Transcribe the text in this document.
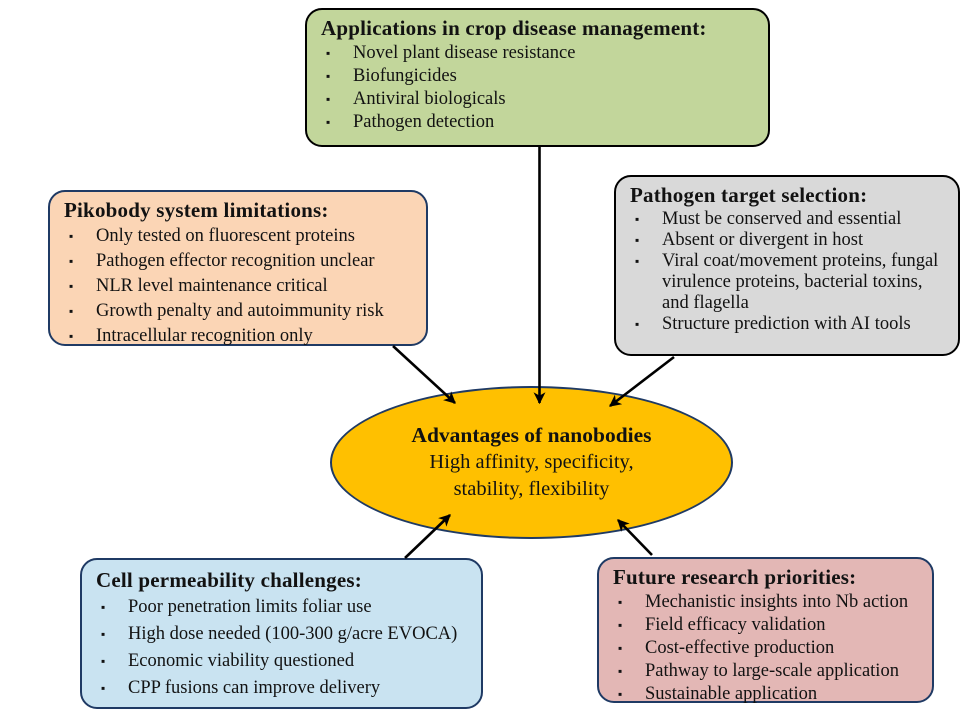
Applications in crop disease management:
▪	Novel plant disease resistance
▪	Biofungicides
▪	Antiviral biologicals
▪	Pathogen detection
Pikobody system limitations:
▪	Only tested on fluorescent proteins
▪	Pathogen effector recognition unclear
▪	NLR level maintenance critical
▪	Growth penalty and autoimmunity risk
▪	Intracellular recognition only
Pathogen target selection:
▪	Must be conserved and essential
▪	Absent or divergent in host
▪	Viral coat/movement proteins, fungal virulence proteins, bacterial toxins, and flagella
▪	Structure prediction with AI tools
Advantages of nanobodies
High affinity, specificity,
stability, flexibility
Cell permeability challenges:
▪	Poor penetration limits foliar use
▪	High dose needed (100-300 g/acre EVOCA)
▪	Economic viability questioned
▪	CPP fusions can improve delivery
Future research priorities:
▪	Mechanistic insights into Nb action
▪	Field efficacy validation
▪	Cost-effective production
▪	Pathway to large-scale application
▪	Sustainable application
